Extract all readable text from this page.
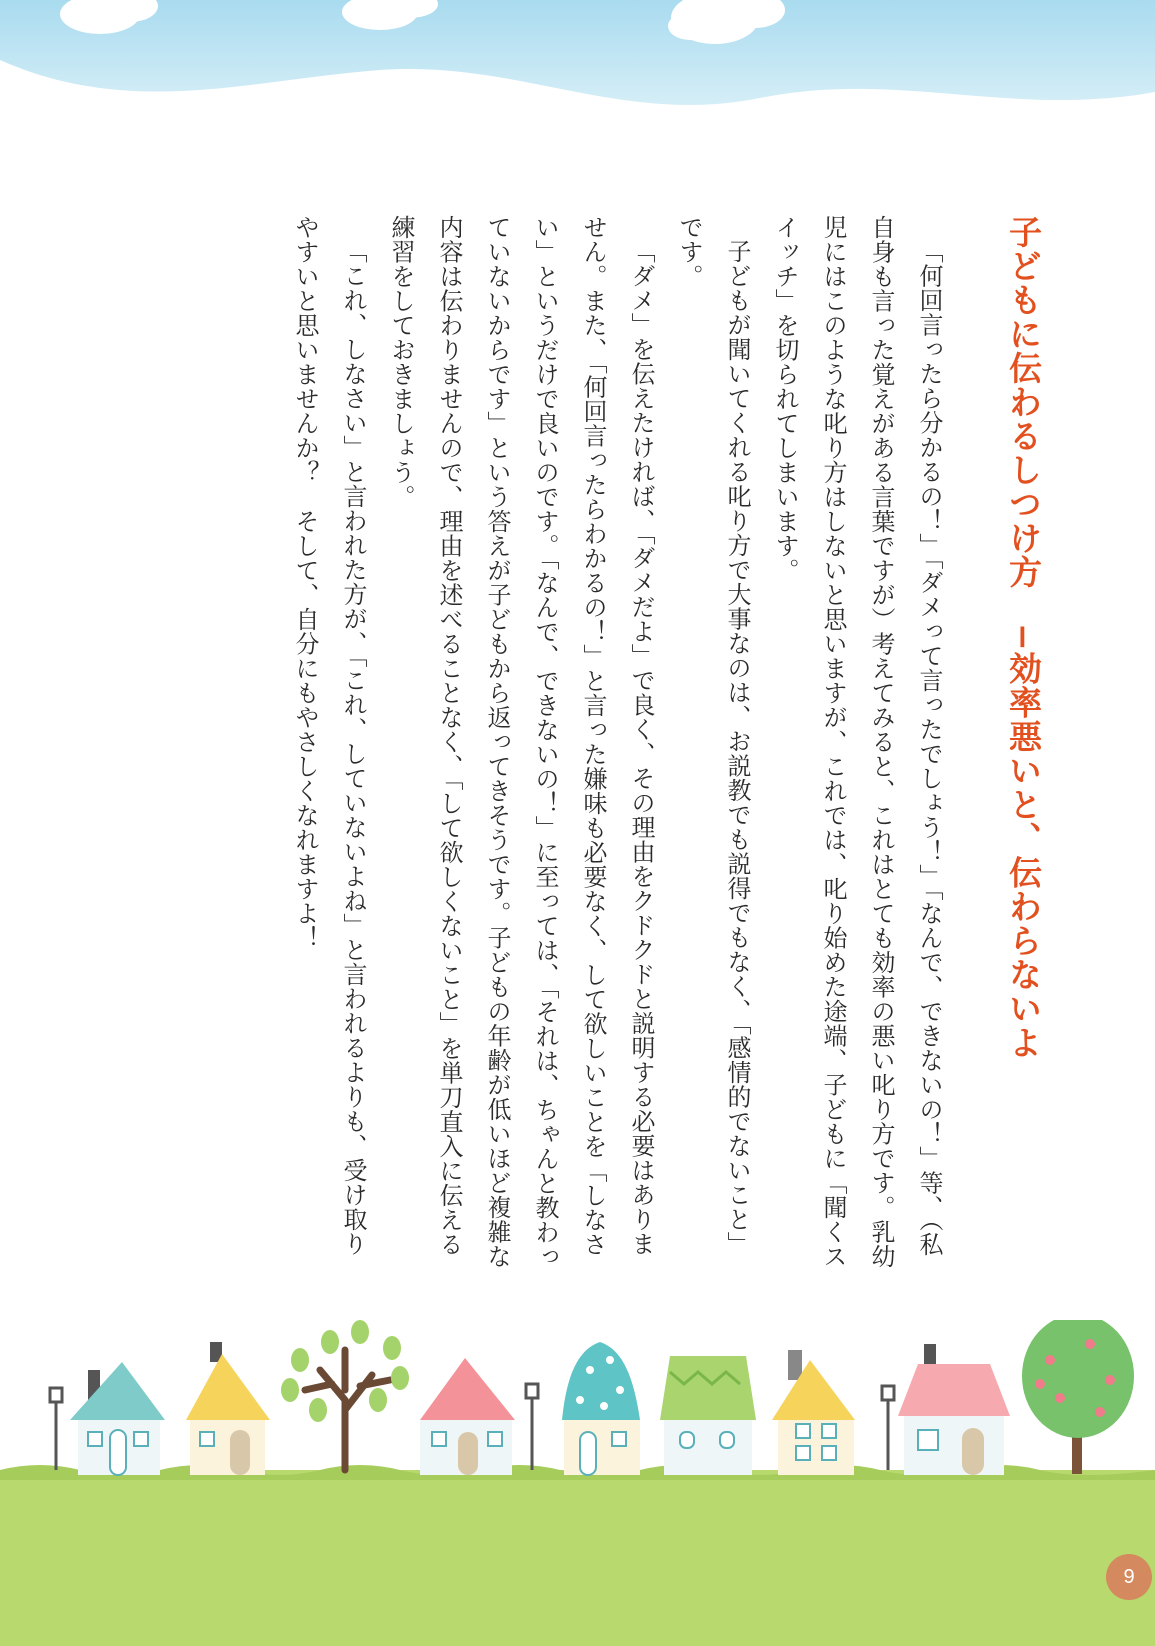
子どもに伝わるしつけ方　−効率悪いと、伝わらないよ

「何回言ったら分かるの！」「ダメって言ったでしょう！」「なんで、できないの！」等、（私自身も言った覚えがある言葉ですが）考えてみると、これはとても効率の悪い叱り方です。乳幼児にはこのような叱り方はしないと思いますが、これでは、叱り始めた途端、子どもに「聞くスイッチ」を切られてしまいます。

子どもが聞いてくれる叱り方で大事なのは、お説教でも説得でもなく、「感情的でないこと」です。

「ダメ」を伝えたければ、「ダメだよ」で良く、その理由をクドクドと説明する必要はありません。また、「何回言ったらわかるの！」と言った嫌味も必要なく、して欲しいことを「しなさい」というだけで良いのです。「なんで、できないの！」に至っては、「それは、ちゃんと教わっていないからです」という答えが子どもから返ってきそうです。子どもの年齢が低いほど複雑な内容は伝わりませんので、理由を述べることなく、「して欲しくないこと」を単刀直入に伝える練習をしておきましょう。

「これ、しなさい」と言われた方が、「これ、していないよね」と言われるよりも、受け取りやすいと思いませんか？　そして、自分にもやさしくなれますよ！

9
